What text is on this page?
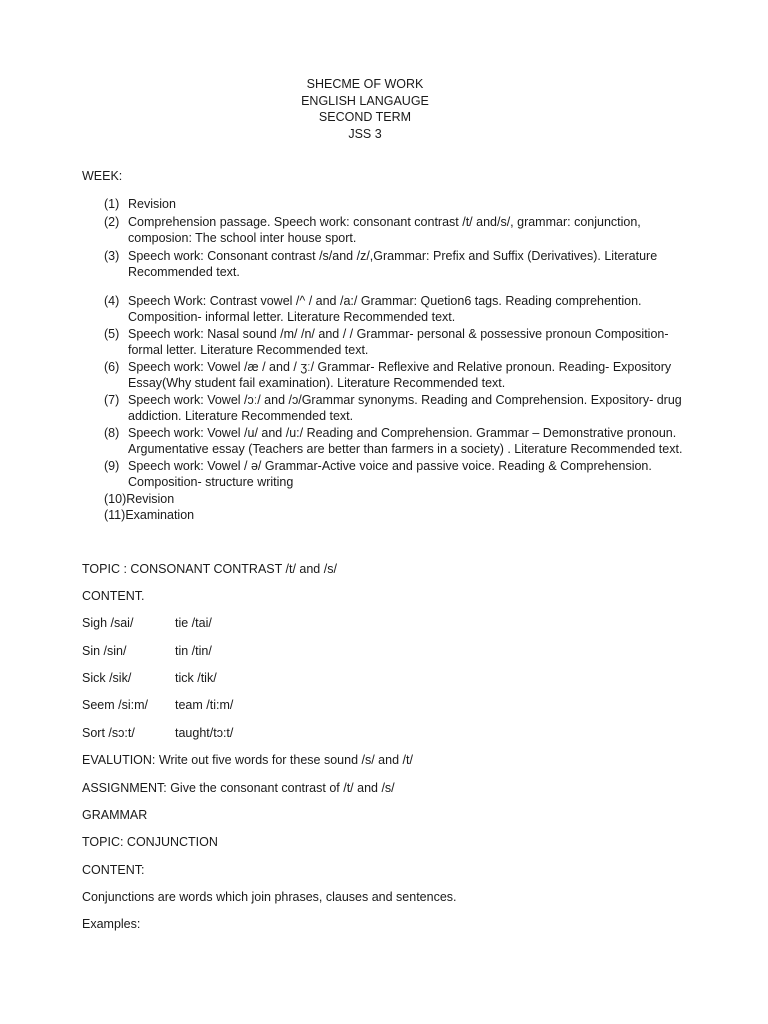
SHECME OF WORK
ENGLISH LANGAUGE
SECOND TERM
JSS 3
WEEK:
(1) Revision
(2) Comprehension passage. Speech work: consonant contrast /t/ and/s/, grammar: conjunction, composion: The school inter house sport.
(3) Speech work: Consonant contrast /s/and /z/,Grammar: Prefix and Suffix (Derivatives). Literature Recommended text.
(4) Speech Work: Contrast vowel /^ / and /a:/ Grammar: Quetion6 tags. Reading comprehention. Composition- informal letter. Literature Recommended text.
(5) Speech work: Nasal sound /m/ /n/ and / / Grammar- personal & possessive pronoun Composition- formal letter. Literature Recommended text.
(6) Speech work: Vowel /æ / and / ʒː/ Grammar- Reflexive and Relative pronoun. Reading- Expository Essay(Why student fail examination). Literature Recommended text.
(7) Speech work: Vowel /ɔː/ and /ɔ/Grammar synonyms. Reading and Comprehension. Expository- drug addiction. Literature Recommended text.
(8) Speech work: Vowel /u/ and /u:/ Reading and Comprehension. Grammar – Demonstrative pronoun. Argumentative essay (Teachers are better than farmers in a society) . Literature Recommended text.
(9) Speech work: Vowel / ə/ Grammar-Active voice and passive voice. Reading & Comprehension. Composition- structure writing
(10) Revision
(11) Examination
TOPIC : CONSONANT CONTRAST /t/ and /s/
CONTENT.
Sigh /sai/	tie /tai/
Sin /sin/	tin /tin/
Sick /sik/	tick /tik/
Seem /si:m/	team /ti:m/
Sort /sɔ:t/	taught/tɔ:t/
EVALUTION: Write out five words for these sound /s/ and /t/
ASSIGNMENT: Give the consonant contrast of /t/ and /s/
GRAMMAR
TOPIC: CONJUNCTION
CONTENT:
Conjunctions are words which join phrases, clauses and sentences.
Examples:
